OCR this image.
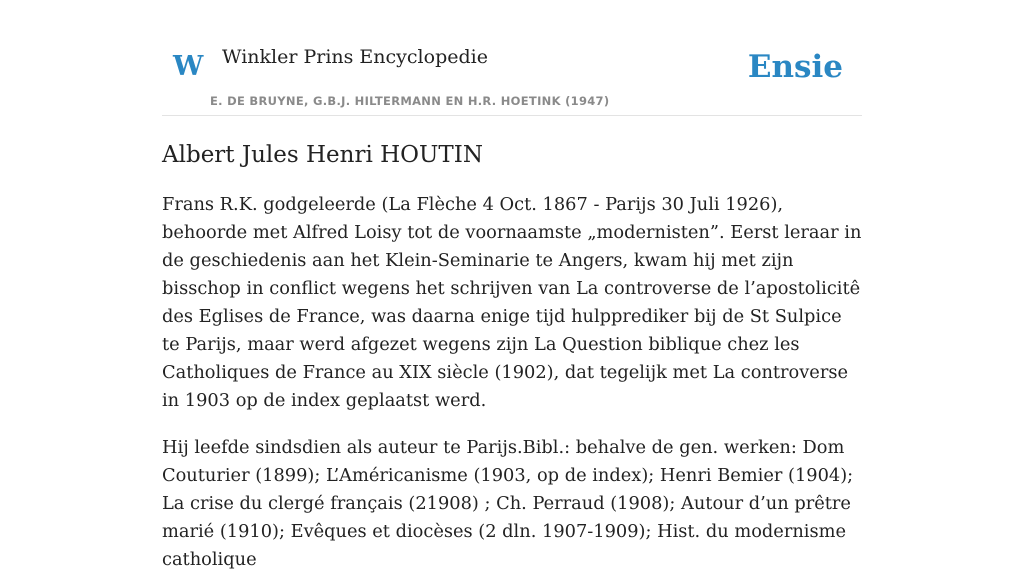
W Winkler Prins Encyclopedie
E. DE BRUYNE, G.B.J. HILTERMANN EN H.R. HOETINK (1947)
Ensie
Albert Jules Henri HOUTIN

Frans R.K. godgeleerde (La Flèche 4 Oct. 1867 - Parijs 30 Juli 1926), behoorde met Alfred Loisy tot de voornaamste „modernisten”. Eerst leraar in de geschiedenis aan het Klein-Seminarie te Angers, kwam hij met zijn bisschop in conflict wegens het schrijven van La controverse de l’apostolicitê des Eglises de France, was daarna enige tijd hulpprediker bij de St Sulpice te Parijs, maar werd afgezet wegens zijn La Question biblique chez les Catholiques de France au XIX siècle (1902), dat tegelijk met La controverse in 1903 op de index geplaatst werd.

Hij leefde sindsdien als auteur te Parijs.Bibl.: behalve de gen. werken: Dom Couturier (1899); L’Américanisme (1903, op de index); Henri Bemier (1904); La crise du clergé français (21908) ; Ch. Perraud (1908); Autour d’un prêtre marié (1910); Evêques et diocèses (2 dln. 1907-1909); Hist. du modernisme catholique
